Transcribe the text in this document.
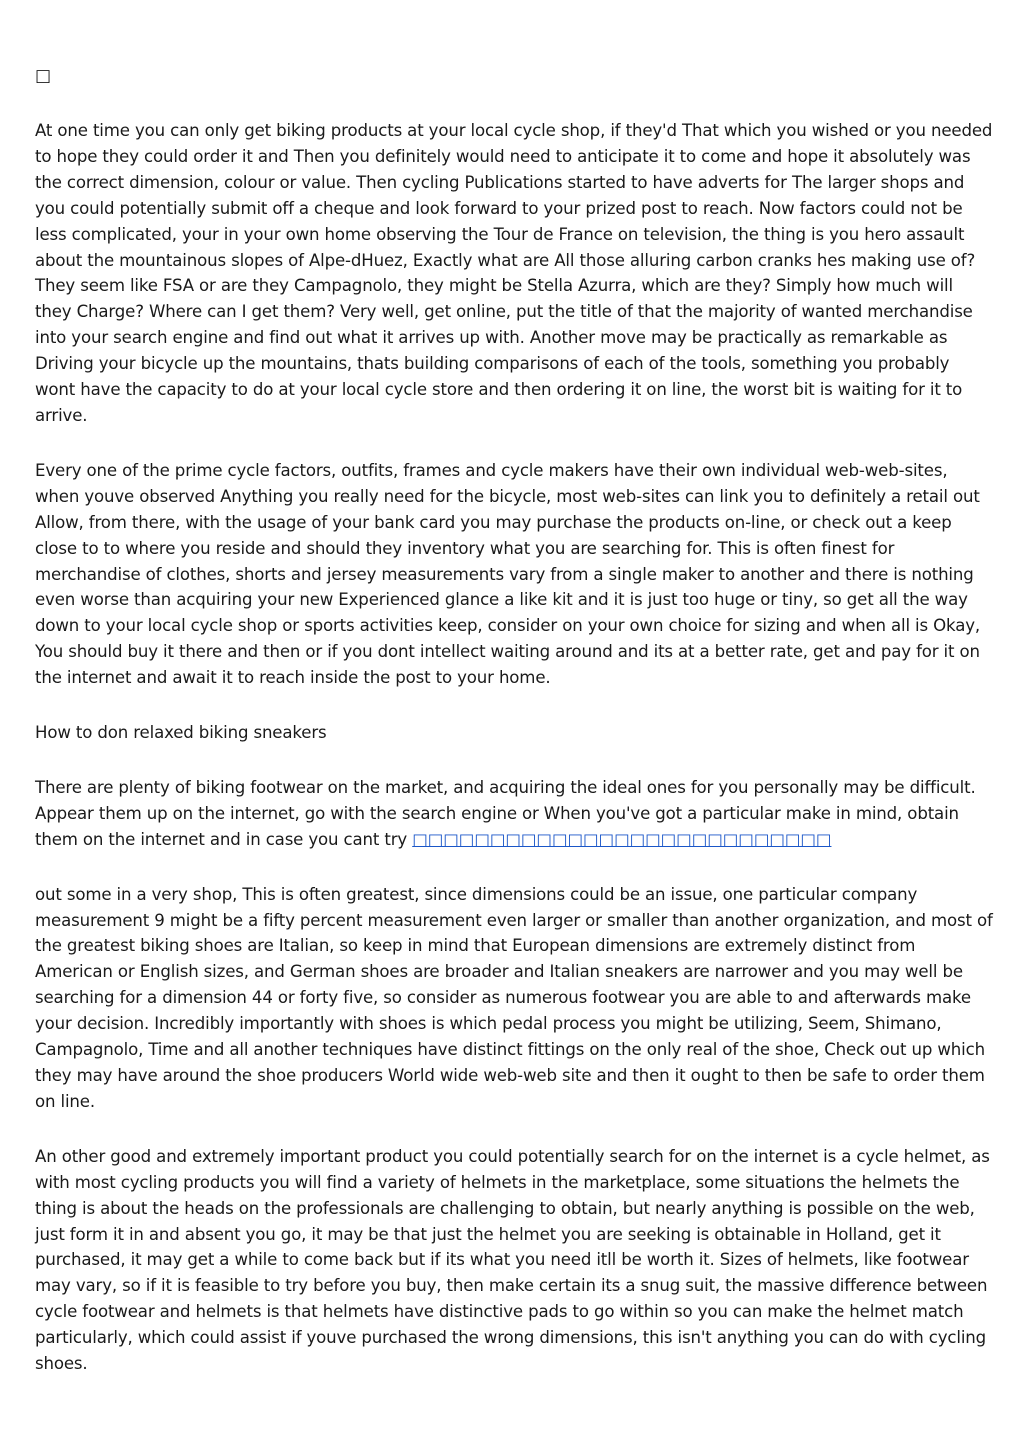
□

At one time you can only get biking products at your local cycle shop, if they'd That which you wished or you needed to hope they could order it and Then you definitely would need to anticipate it to come and hope it absolutely was the correct dimension, colour or value. Then cycling Publications started to have adverts for The larger shops and you could potentially submit off a cheque and look forward to your prized post to reach. Now factors could not be less complicated, your in your own home observing the Tour de France on television, the thing is you hero assault about the mountainous slopes of Alpe-dHuez, Exactly what are All those alluring carbon cranks hes making use of? They seem like FSA or are they Campagnolo, they might be Stella Azurra, which are they? Simply how much will they Charge? Where can I get them? Very well, get online, put the title of that the majority of wanted merchandise into your search engine and find out what it arrives up with. Another move may be practically as remarkable as Driving your bicycle up the mountains, thats building comparisons of each of the tools, something you probably wont have the capacity to do at your local cycle store and then ordering it on line, the worst bit is waiting for it to arrive.

Every one of the prime cycle factors, outfits, frames and cycle makers have their own individual web-web-sites, when youve observed Anything you really need for the bicycle, most web-sites can link you to definitely a retail out Allow, from there, with the usage of your bank card you may purchase the products on-line, or check out a keep close to to where you reside and should they inventory what you are searching for. This is often finest for merchandise of clothes, shorts and jersey measurements vary from a single maker to another and there is nothing even worse than acquiring your new Experienced glance a like kit and it is just too huge or tiny, so get all the way down to your local cycle shop or sports activities keep, consider on your own choice for sizing and when all is Okay, You should buy it there and then or if you dont intellect waiting around and its at a better rate, get and pay for it on the internet and await it to reach inside the post to your home.

How to don relaxed biking sneakers

There are plenty of biking footwear on the market, and acquiring the ideal ones for you personally may be difficult. Appear them up on the internet, go with the search engine or When you've got a particular make in mind, obtain them on the internet and in case you cant try □□□□□□□□□□□□□□□□□□□□□□□□□□□

out some in a very shop, This is often greatest, since dimensions could be an issue, one particular company measurement 9 might be a fifty percent measurement even larger or smaller than another organization, and most of the greatest biking shoes are Italian, so keep in mind that European dimensions are extremely distinct from American or English sizes, and German shoes are broader and Italian sneakers are narrower and you may well be searching for a dimension 44 or forty five, so consider as numerous footwear you are able to and afterwards make your decision. Incredibly importantly with shoes is which pedal process you might be utilizing, Seem, Shimano, Campagnolo, Time and all another techniques have distinct fittings on the only real of the shoe, Check out up which they may have around the shoe producers World wide web-web site and then it ought to then be safe to order them on line.

An other good and extremely important product you could potentially search for on the internet is a cycle helmet, as with most cycling products you will find a variety of helmets in the marketplace, some situations the helmets the thing is about the heads on the professionals are challenging to obtain, but nearly anything is possible on the web, just form it in and absent you go, it may be that just the helmet you are seeking is obtainable in Holland, get it purchased, it may get a while to come back but if its what you need itll be worth it. Sizes of helmets, like footwear may vary, so if it is feasible to try before you buy, then make certain its a snug suit, the massive difference between cycle footwear and helmets is that helmets have distinctive pads to go within so you can make the helmet match particularly, which could assist if youve purchased the wrong dimensions, this isn't anything you can do with cycling shoes.
